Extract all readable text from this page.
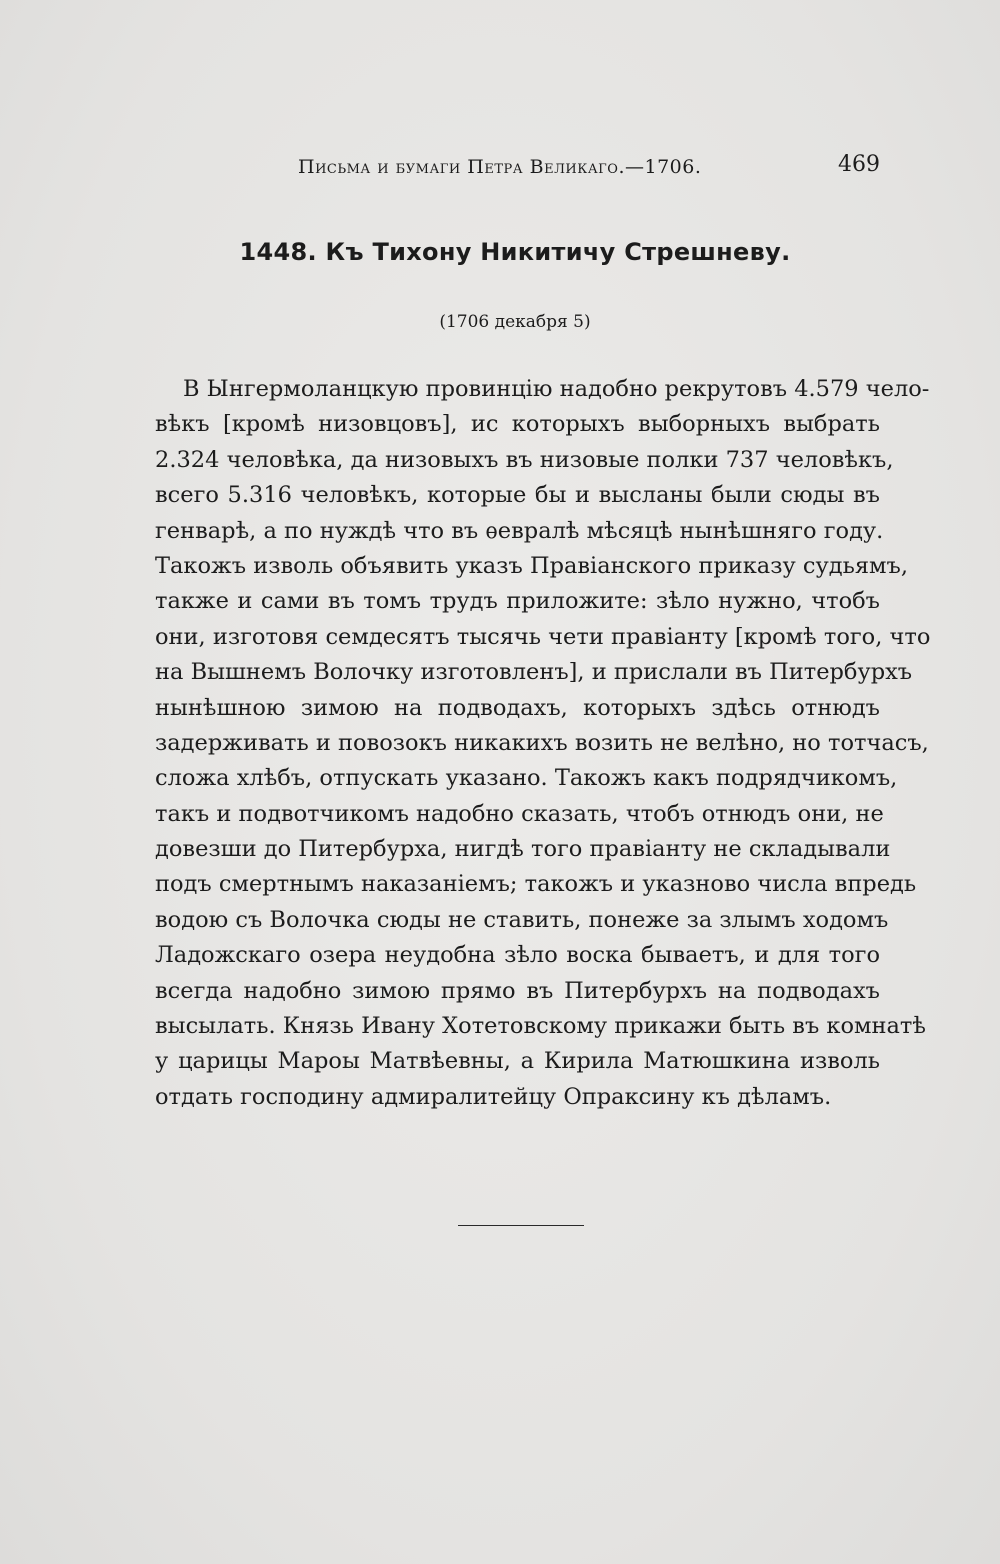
Письма и бумаги Петра Великаго.—1706.	469
1448. Къ Тихону Никитичу Стрешневу.
(1706 декабря 5)
В Ынгермоланцкую провинцію надобно рекрутовъ 4.579 чело-
вѣкъ [кромѣ низовцовъ], ис которыхъ выборныхъ выбрать
2.324 человѣка, да низовыхъ въ низовые полки 737 человѣкъ,
всего 5.316 человѣкъ, которые бы и высланы были сюды въ
генварѣ, а по нуждѣ что въ ѳевралѣ мѣсяцѣ нынѣшняго году.
Такожъ изволь объявить указъ Правіанского приказу судьямъ,
также и сами въ томъ трудъ приложите: зѣло нужно, чтобъ
они, изготовя семдесятъ тысячь чети правіанту [кромѣ того, что
на Вышнемъ Волочку изготовленъ], и прислали въ Питербурхъ
нынѣшною зимою на подводахъ, которыхъ здѣсь отнюдъ
задерживать и повозокъ никакихъ возить не велѣно, но тотчасъ,
сложа хлѣбъ, отпускать указано. Такожъ какъ подрядчикомъ,
такъ и подвотчикомъ надобно сказать, чтобъ отнюдъ они, не
довезши до Питербурха, нигдѣ того правіанту не складывали
подъ смертнымъ наказаніемъ; такожъ и указново числа впредь
водою съ Волочка сюды не ставить, понеже за злымъ ходомъ
Ладожскаго озера неудобна зѣло воска бываетъ, и для того
всегда надобно зимою прямо въ Питербурхъ на подводахъ
высылать. Князь Ивану Хотетовскому прикажи быть въ комнатѣ
у царицы Мароы Матвѣевны, а Кирила Матюшкина изволь
отдать господину адмиралитейцу Опраксину къ дѣламъ.
